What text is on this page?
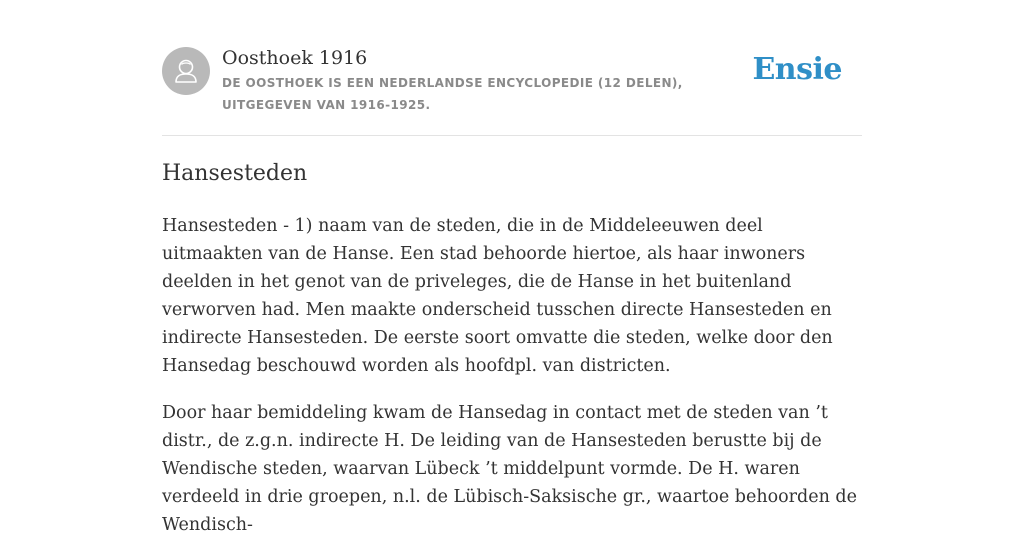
Oosthoek 1916
DE OOSTHOEK IS EEN NEDERLANDSE ENCYCLOPEDIE (12 DELEN), UITGEGEVEN VAN 1916-1925.
Ensie
Hansesteden

Hansesteden - 1) naam van de steden, die in de Middeleeuwen deel uitmaakten van de Hanse. Een stad behoorde hiertoe, als haar inwoners deelden in het genot van de priveleges, die de Hanse in het buitenland verworven had. Men maakte onderscheid tusschen directe Hansesteden en indirecte Hansesteden. De eerste soort omvatte die steden, welke door den Hansedag beschouwd worden als hoofdpl. van districten.

Door haar bemiddeling kwam de Hansedag in contact met de steden van ’t distr., de z.g.n. indirecte H. De leiding van de Hansesteden berustte bij de Wendische steden, waarvan Lübeck ’t middelpunt vormde. De H. waren verdeeld in drie groepen, n.l. de Lübisch-Saksische gr., waartoe behoorden de Wendisch-
